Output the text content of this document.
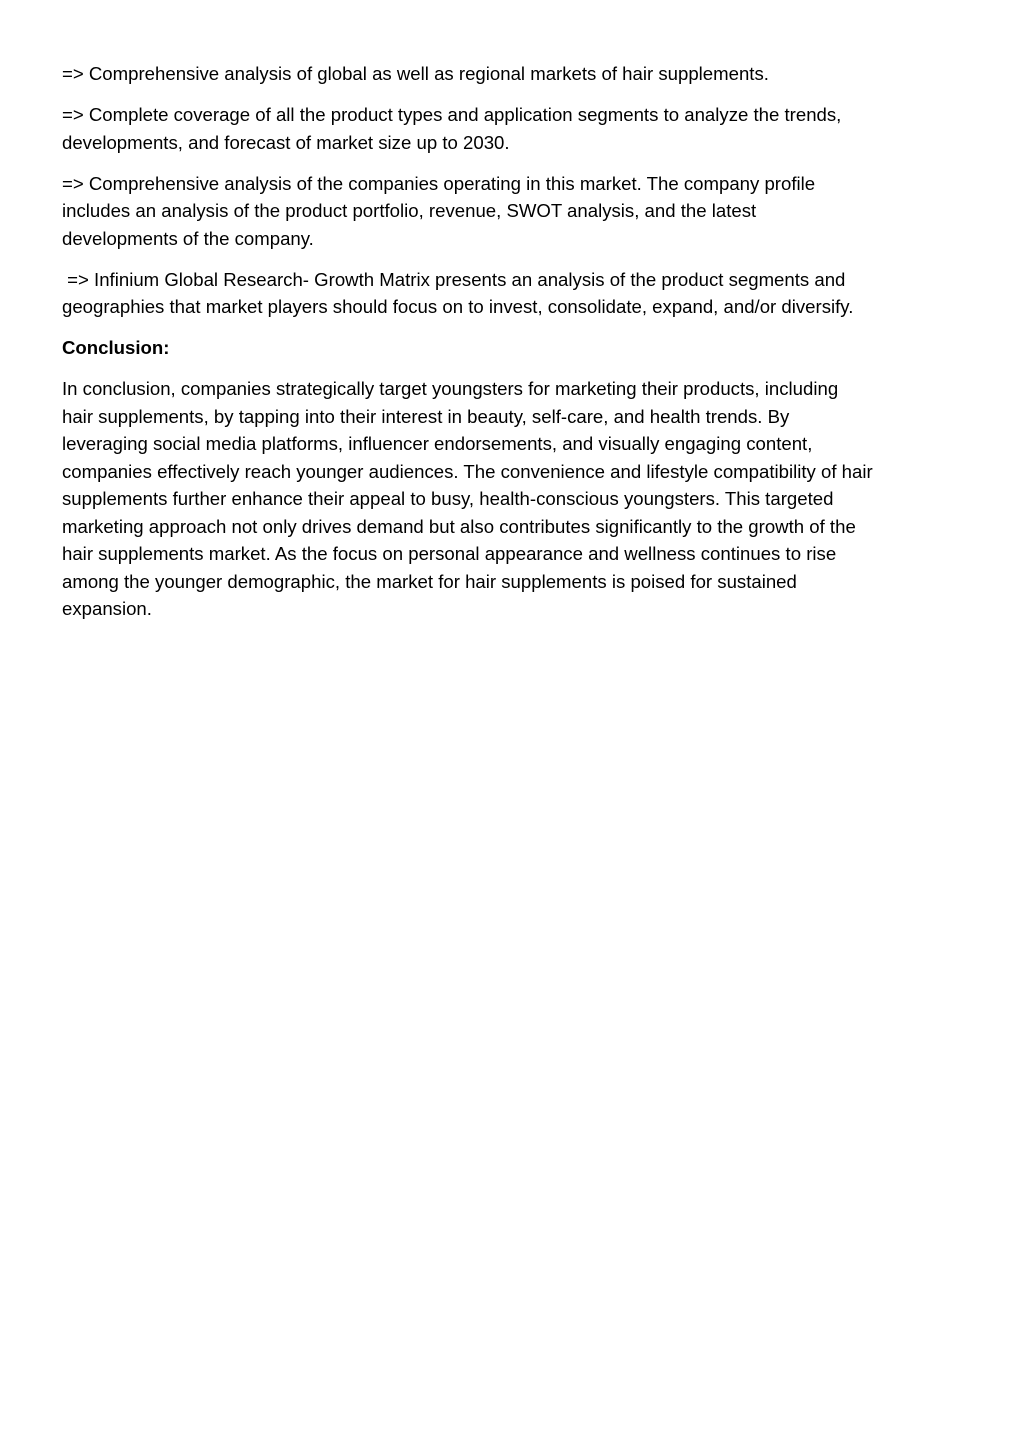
=> Comprehensive analysis of global as well as regional markets of hair supplements.

=> Complete coverage of all the product types and application segments to analyze the trends,
developments, and forecast of market size up to 2030.

=> Comprehensive analysis of the companies operating in this market. The company profile
includes an analysis of the product portfolio, revenue, SWOT analysis, and the latest
developments of the company.

=> Infinium Global Research- Growth Matrix presents an analysis of the product segments and
geographies that market players should focus on to invest, consolidate, expand, and/or diversify.

Conclusion:

In conclusion, companies strategically target youngsters for marketing their products, including
hair supplements, by tapping into their interest in beauty, self-care, and health trends. By
leveraging social media platforms, influencer endorsements, and visually engaging content,
companies effectively reach younger audiences. The convenience and lifestyle compatibility of hair
supplements further enhance their appeal to busy, health-conscious youngsters. This targeted
marketing approach not only drives demand but also contributes significantly to the growth of the
hair supplements market. As the focus on personal appearance and wellness continues to rise
among the younger demographic, the market for hair supplements is poised for sustained
expansion.
